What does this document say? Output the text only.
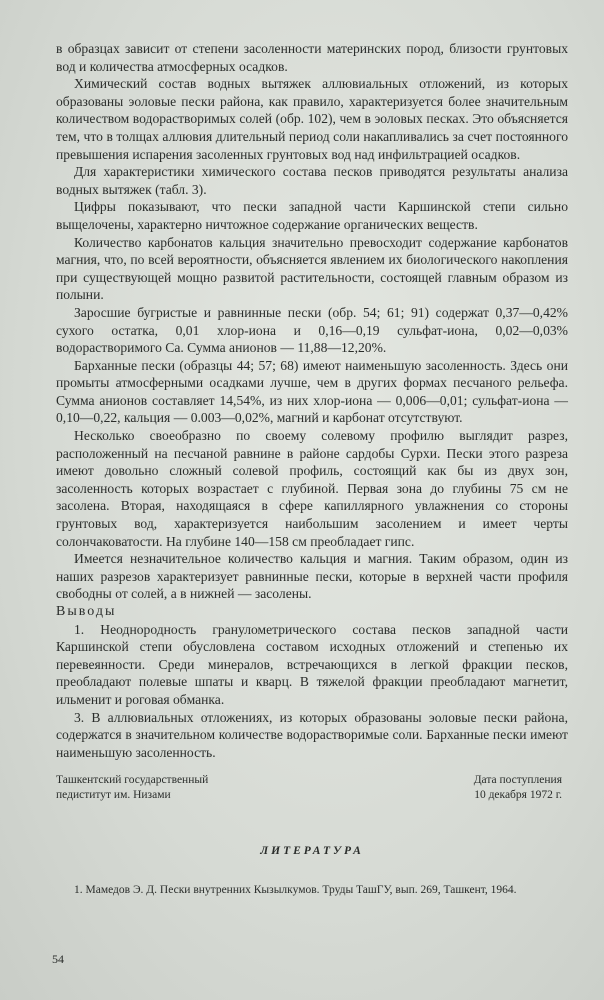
в образцах зависит от степени засоленности материнских пород, близости грунтовых вод и количества атмосферных осадков.

Химический состав водных вытяжек аллювиальных отложений, из которых образованы эоловые пески района, как правило, характеризуется более значительным количеством водорастворимых солей (обр. 102), чем в эоловых песках. Это объясняется тем, что в толщах аллювия длительный период соли накапливались за счет постоянного превышения испарения засоленных грунтовых вод над инфильтрацией осадков.

Для характеристики химического состава песков приводятся результаты анализа водных вытяжек (табл. 3).

Цифры показывают, что пески западной части Каршинской степи сильно выщелочены, характерно ничтожное содержание органических веществ.

Количество карбонатов кальция значительно превосходит содержание карбонатов магния, что, по всей вероятности, объясняется явлением их биологического накопления при существующей мощно развитой растительности, состоящей главным образом из полыни.

Заросшие бугристые и равнинные пески (обр. 54; 61; 91) содержат 0,37—0,42% сухого остатка, 0,01 хлор-иона и 0,16—0,19 сульфат-иона, 0,02—0,03% водорастворимого Са. Сумма анионов — 11,88—12,20%.

Барханные пески (образцы 44; 57; 68) имеют наименьшую засоленность. Здесь они промыты атмосферными осадками лучше, чем в других формах песчаного рельефа. Сумма анионов составляет 14,54%, из них хлор-иона — 0,006—0,01; сульфат-иона — 0,10—0,22, кальция — 0.003—0,02%, магний и карбонат отсутствуют.

Несколько своеобразно по своему солевому профилю выглядит разрез, расположенный на песчаной равнине в районе сардобы Сурхи. Пески этого разреза имеют довольно сложный солевой профиль, состоящий как бы из двух зон, засоленность которых возрастает с глубиной. Первая зона до глубины 75 см не засолена. Вторая, находящаяся в сфере капиллярного увлажнения со стороны грунтовых вод, характеризуется наибольшим засолением и имеет черты солончаковатости. На глубине 140—158 см преобладает гипс.

Имеется незначительное количество кальция и магния. Таким образом, один из наших разрезов характеризует равнинные пески, которые в верхней части профиля свободны от солей, а в нижней — засолены.

Выводы

1. Неоднородность гранулометрического состава песков западной части Каршинской степи обусловлена составом исходных отложений и степенью их перевеянности. Среди минералов, встречающихся в легкой фракции песков, преобладают полевые шпаты и кварц. В тяжелой фракции преобладают магнетит, ильменит и роговая обманка.

3. В аллювиальных отложениях, из которых образованы эоловые пески района, содержатся в значительном количестве водорастворимые соли. Барханные пески имеют наименьшую засоленность.

Ташкентский государственный
педиститут им. Низами
Дата поступления
10 декабря 1972 г.
ЛИТЕРАТУРА

1. Мамедов Э. Д. Пески внутренних Кызылкумов. Труды ТашГУ, вып. 269, Ташкент, 1964.

54
